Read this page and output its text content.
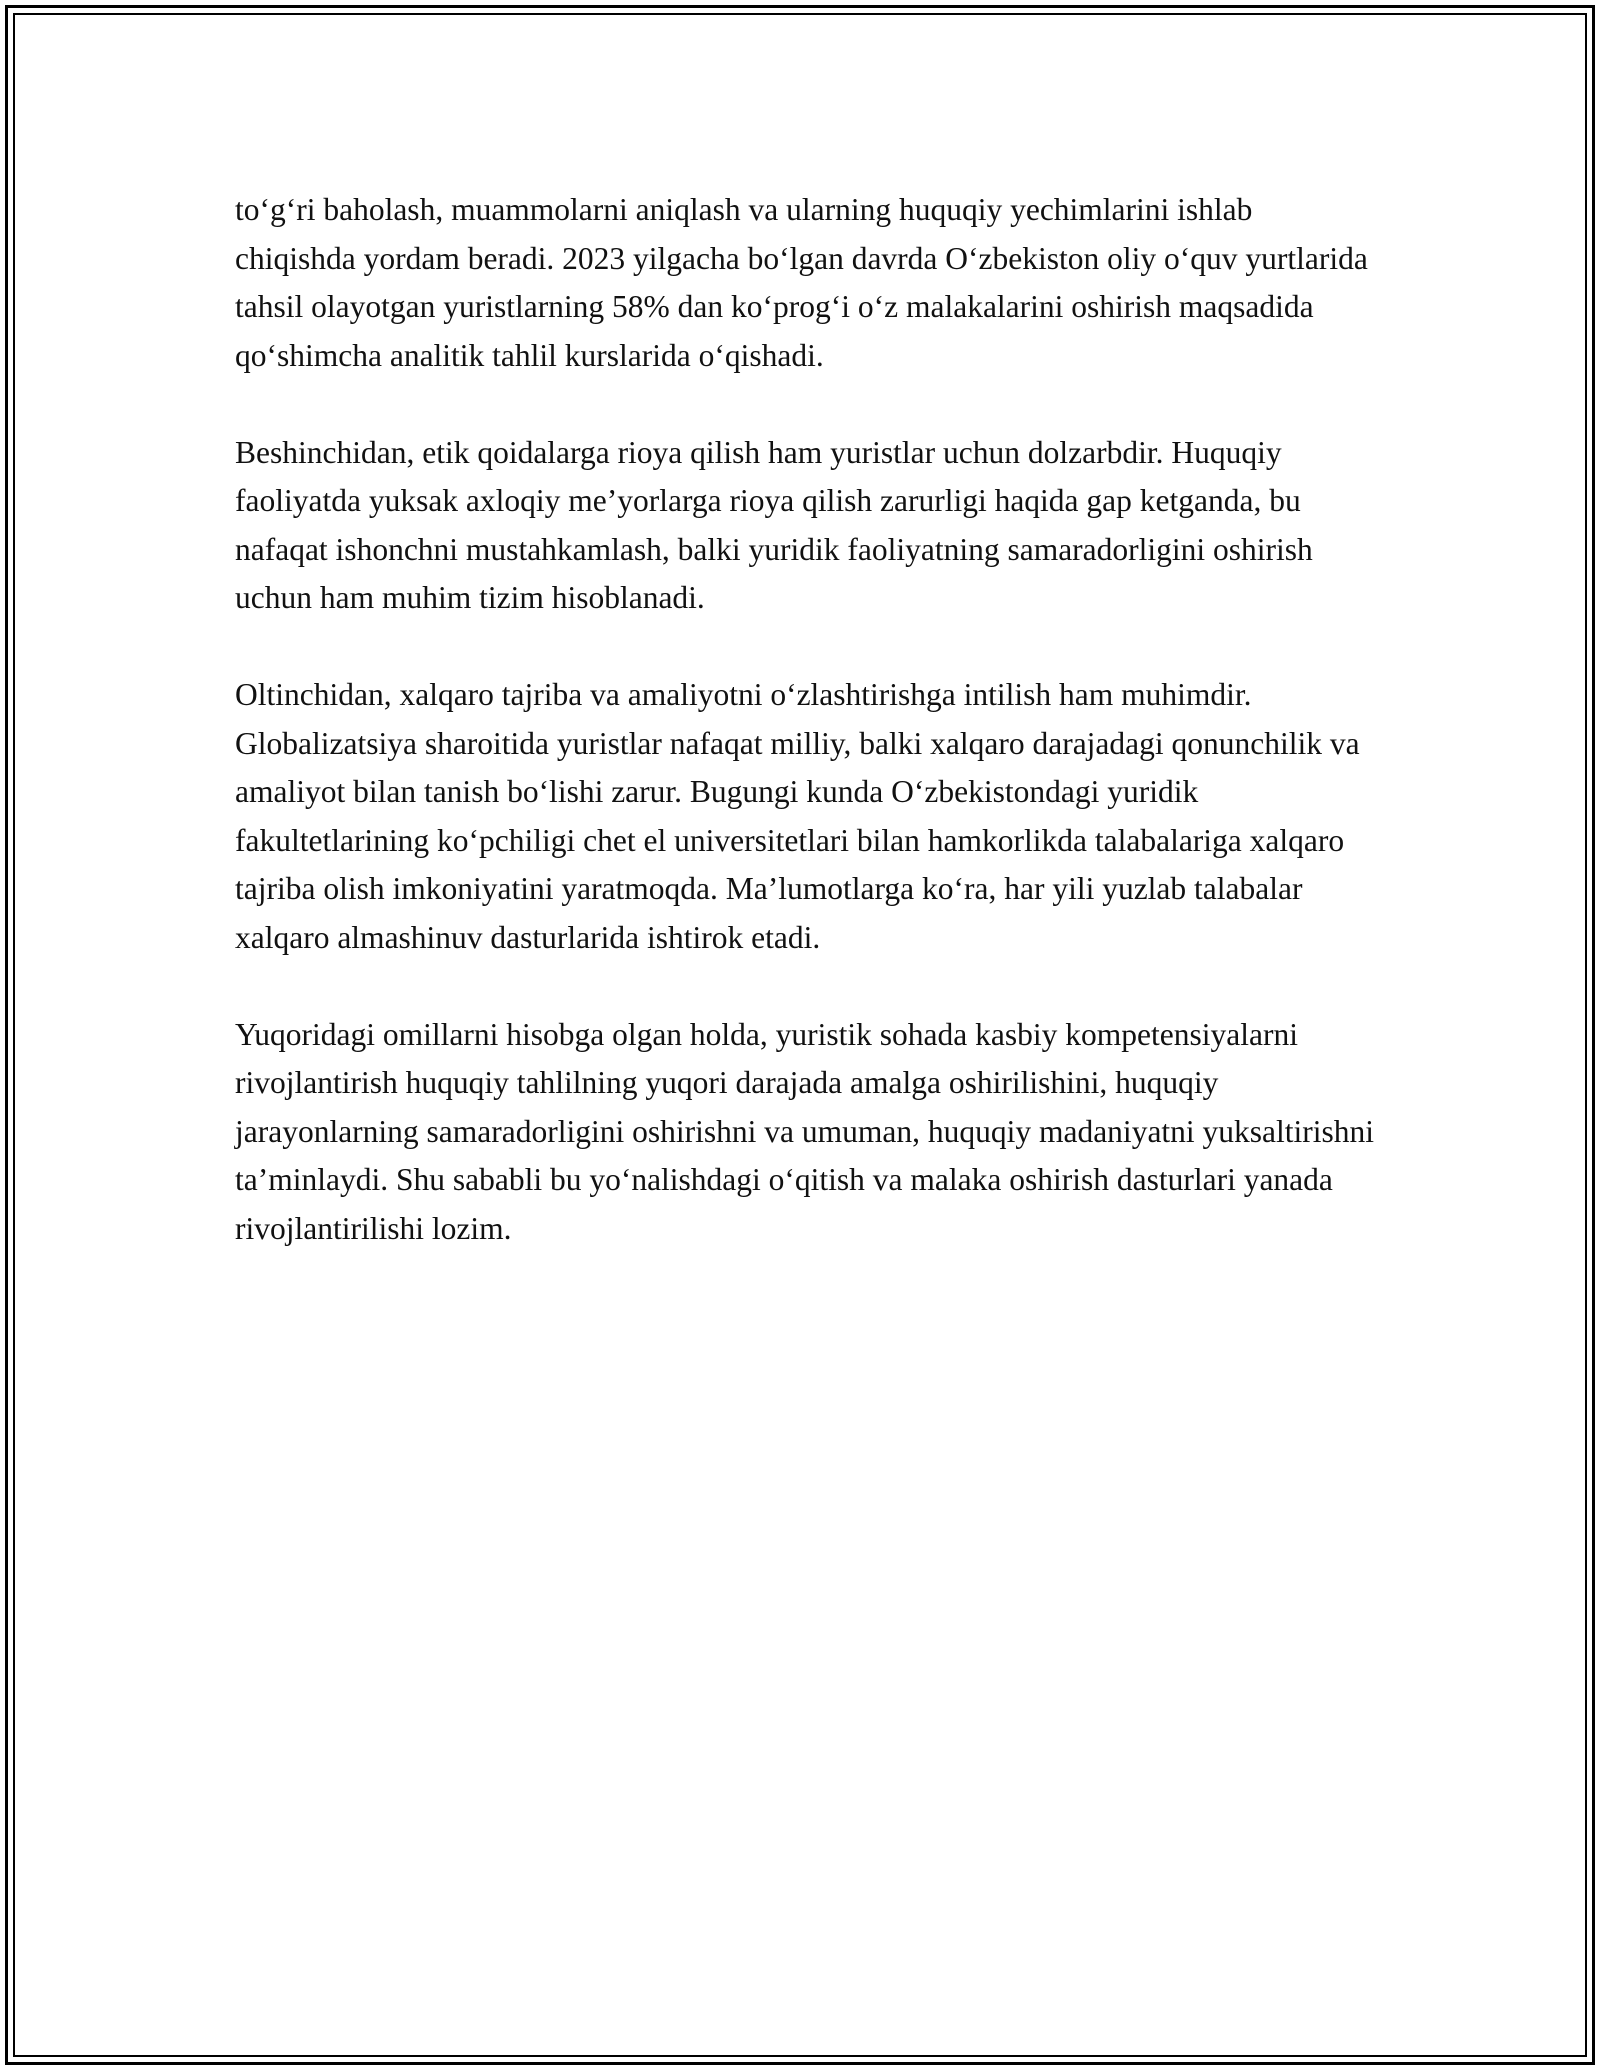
to‘g‘ri baholash, muammolarni aniqlash va ularning huquqiy yechimlarini ishlab chiqishda yordam beradi. 2023 yilgacha bo‘lgan davrda O‘zbekiston oliy o‘quv yurtlarida tahsil olayotgan yuristlarning 58% dan ko‘prog‘i o‘z malakalarini oshirish maqsadida qo‘shimcha analitik tahlil kurslarida o‘qishadi.

Beshinchidan, etik qoidalarga rioya qilish ham yuristlar uchun dolzarbdir. Huquqiy faoliyatda yuksak axloqiy me’yorlarga rioya qilish zarurligi haqida gap ketganda, bu nafaqat ishonchni mustahkamlash, balki yuridik faoliyatning samaradorligini oshirish uchun ham muhim tizim hisoblanadi.

Oltinchidan, xalqaro tajriba va amaliyotni o‘zlashtirishga intilish ham muhimdir. Globalizatsiya sharoitida yuristlar nafaqat milliy, balki xalqaro darajadagi qonunchilik va amaliyot bilan tanish bo‘lishi zarur. Bugungi kunda O‘zbekistondagi yuridik fakultetlarining ko‘pchiligi chet el universitetlari bilan hamkorlikda talabalariga xalqaro tajriba olish imkoniyatini yaratmoqda. Ma’lumotlarga ko‘ra, har yili yuzlab talabalar xalqaro almashinuv dasturlarida ishtirok etadi.

Yuqoridagi omillarni hisobga olgan holda, yuristik sohada kasbiy kompetensiyalarni rivojlantirish huquqiy tahlilning yuqori darajada amalga oshirilishini, huquqiy jarayonlarning samaradorligini oshirishni va umuman, huquqiy madaniyatni yuksaltirishni ta’minlaydi. Shu sababli bu yo‘nalishdagi o‘qitish va malaka oshirish dasturlari yanada rivojlantirilishi lozim.
